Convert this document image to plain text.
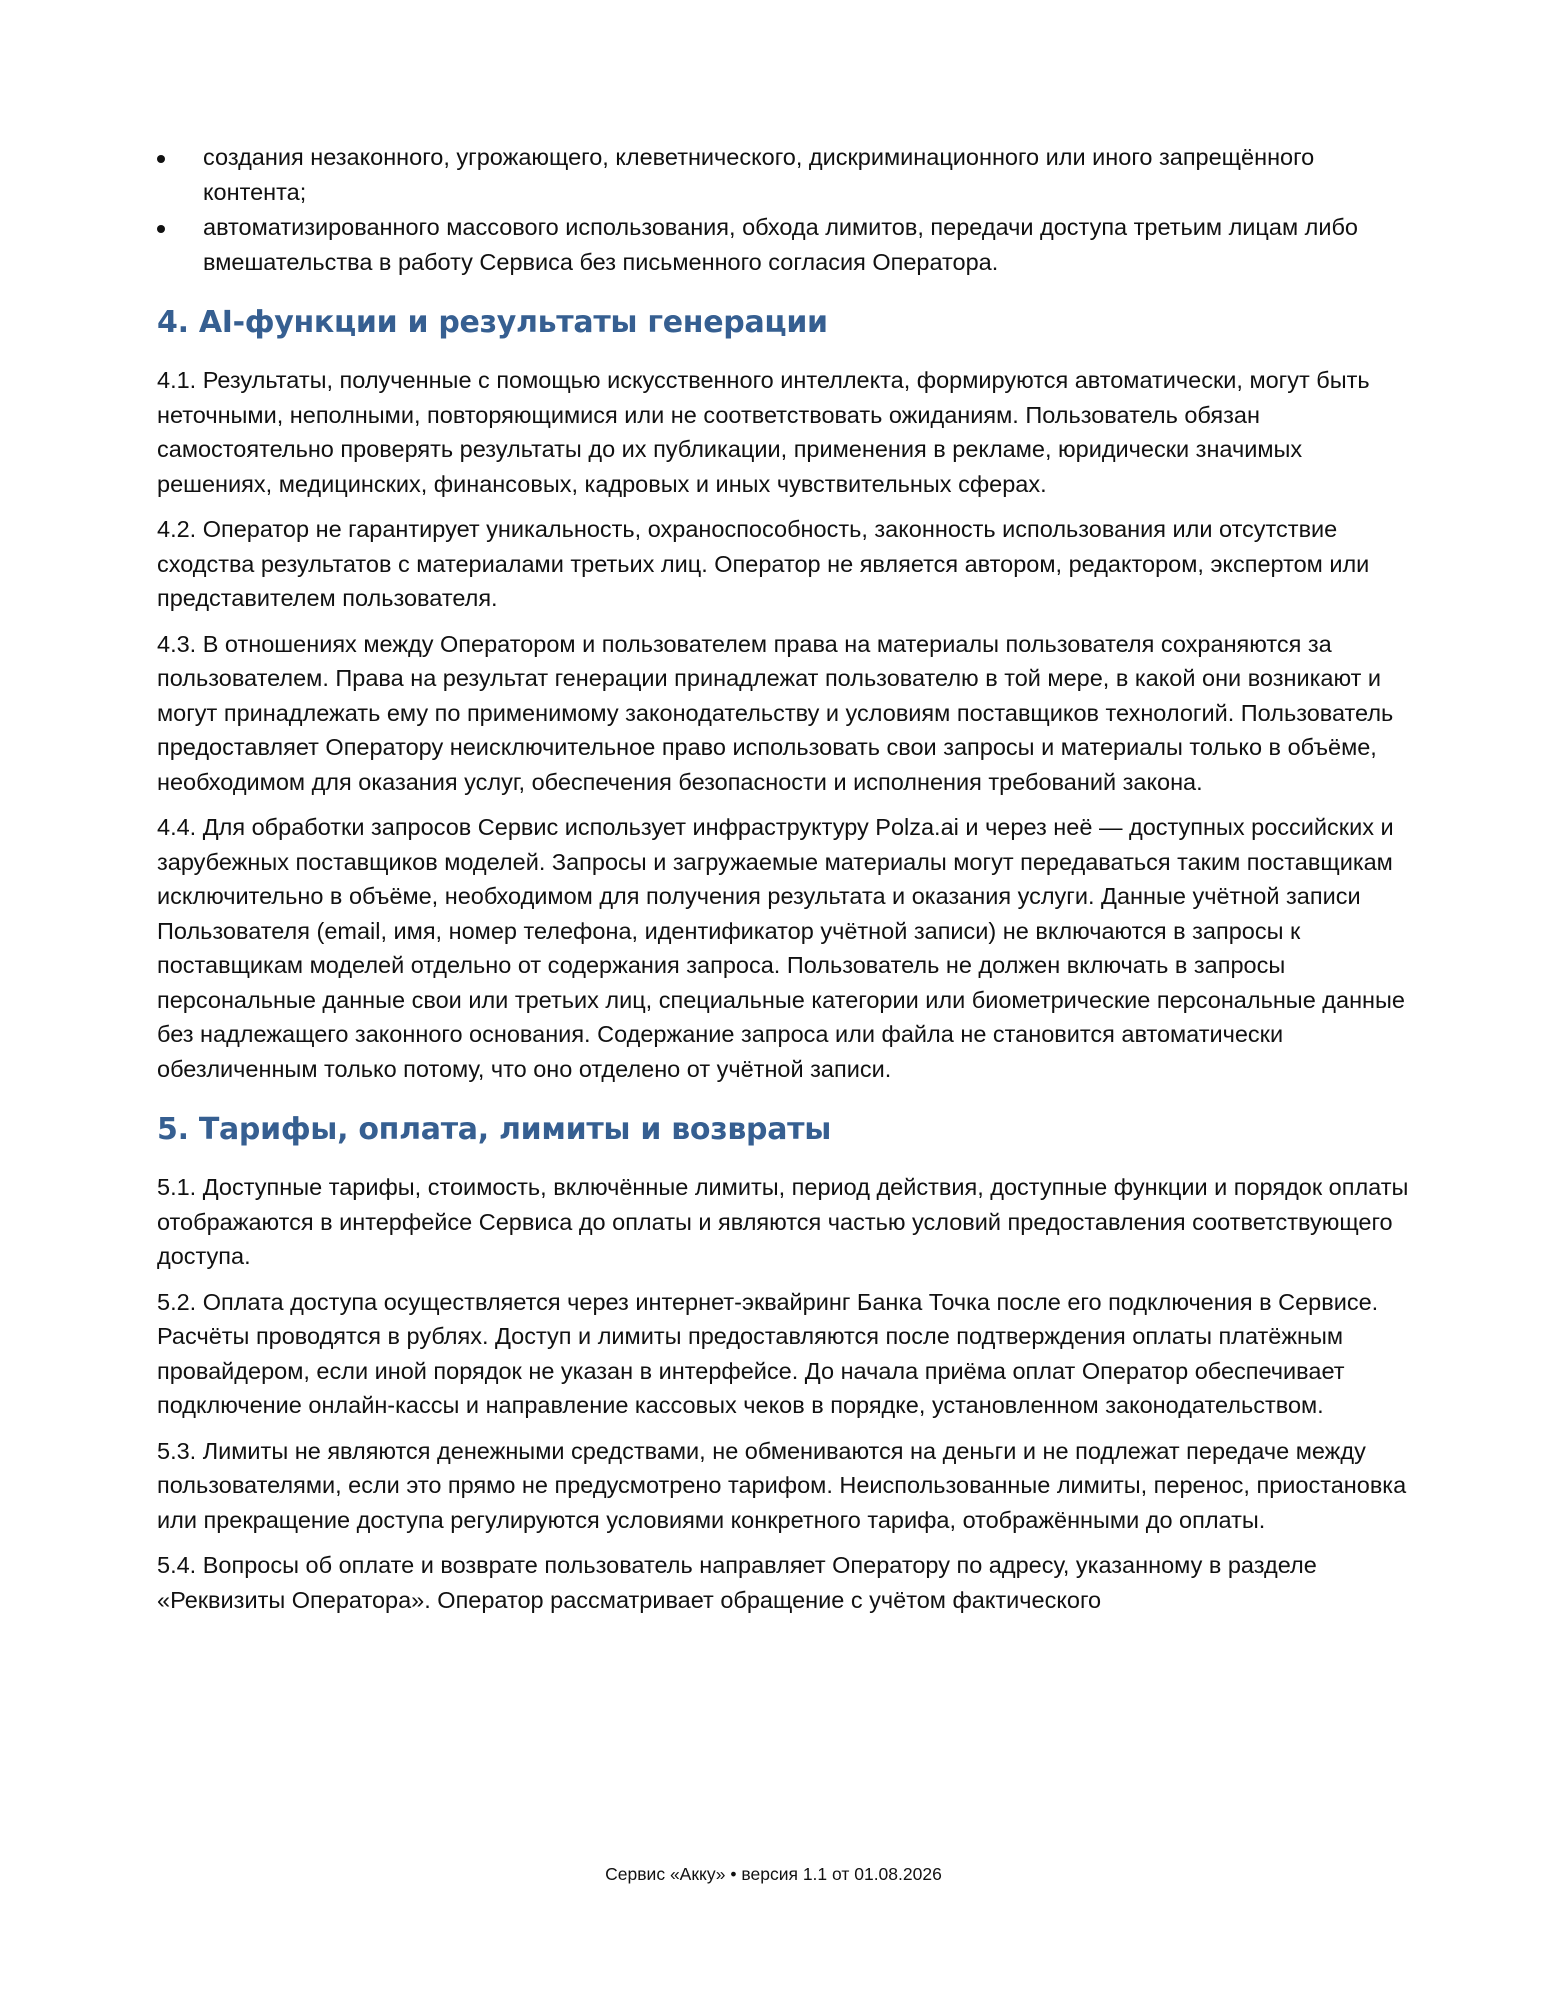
создания незаконного, угрожающего, клеветнического, дискриминационного или иного запрещённого контента;
автоматизированного массового использования, обхода лимитов, передачи доступа третьим лицам либо вмешательства в работу Сервиса без письменного согласия Оператора.
4. AI-функции и результаты генерации

4.1. Результаты, полученные с помощью искусственного интеллекта, формируются автоматически, могут быть неточными, неполными, повторяющимися или не соответствовать ожиданиям. Пользователь обязан самостоятельно проверять результаты до их публикации, применения в рекламе, юридически значимых решениях, медицинских, финансовых, кадровых и иных чувствительных сферах.

4.2. Оператор не гарантирует уникальность, охраноспособность, законность использования или отсутствие сходства результатов с материалами третьих лиц. Оператор не является автором, редактором, экспертом или представителем пользователя.

4.3. В отношениях между Оператором и пользователем права на материалы пользователя сохраняются за пользователем. Права на результат генерации принадлежат пользователю в той мере, в какой они возникают и могут принадлежать ему по применимому законодательству и условиям поставщиков технологий. Пользователь предоставляет Оператору неисключительное право использовать свои запросы и материалы только в объёме, необходимом для оказания услуг, обеспечения безопасности и исполнения требований закона.

4.4. Для обработки запросов Сервис использует инфраструктуру Polza.ai и через неё — доступных российских и зарубежных поставщиков моделей. Запросы и загружаемые материалы могут передаваться таким поставщикам исключительно в объёме, необходимом для получения результата и оказания услуги. Данные учётной записи Пользователя (email, имя, номер телефона, идентификатор учётной записи) не включаются в запросы к поставщикам моделей отдельно от содержания запроса. Пользователь не должен включать в запросы персональные данные свои или третьих лиц, специальные категории или биометрические персональные данные без надлежащего законного основания. Содержание запроса или файла не становится автоматически обезличенным только потому, что оно отделено от учётной записи.

5. Тарифы, оплата, лимиты и возвраты

5.1. Доступные тарифы, стоимость, включённые лимиты, период действия, доступные функции и порядок оплаты отображаются в интерфейсе Сервиса до оплаты и являются частью условий предоставления соответствующего доступа.

5.2. Оплата доступа осуществляется через интернет-эквайринг Банка Точка после его подключения в Сервисе. Расчёты проводятся в рублях. Доступ и лимиты предоставляются после подтверждения оплаты платёжным провайдером, если иной порядок не указан в интерфейсе. До начала приёма оплат Оператор обеспечивает подключение онлайн-кассы и направление кассовых чеков в порядке, установленном законодательством.

5.3. Лимиты не являются денежными средствами, не обмениваются на деньги и не подлежат передаче между пользователями, если это прямо не предусмотрено тарифом. Неиспользованные лимиты, перенос, приостановка или прекращение доступа регулируются условиями конкретного тарифа, отображёнными до оплаты.

5.4. Вопросы об оплате и возврате пользователь направляет Оператору по адресу, указанному в разделе «Реквизиты Оператора». Оператор рассматривает обращение с учётом фактического

Сервис «Акку» • версия 1.1 от 01.08.2026
